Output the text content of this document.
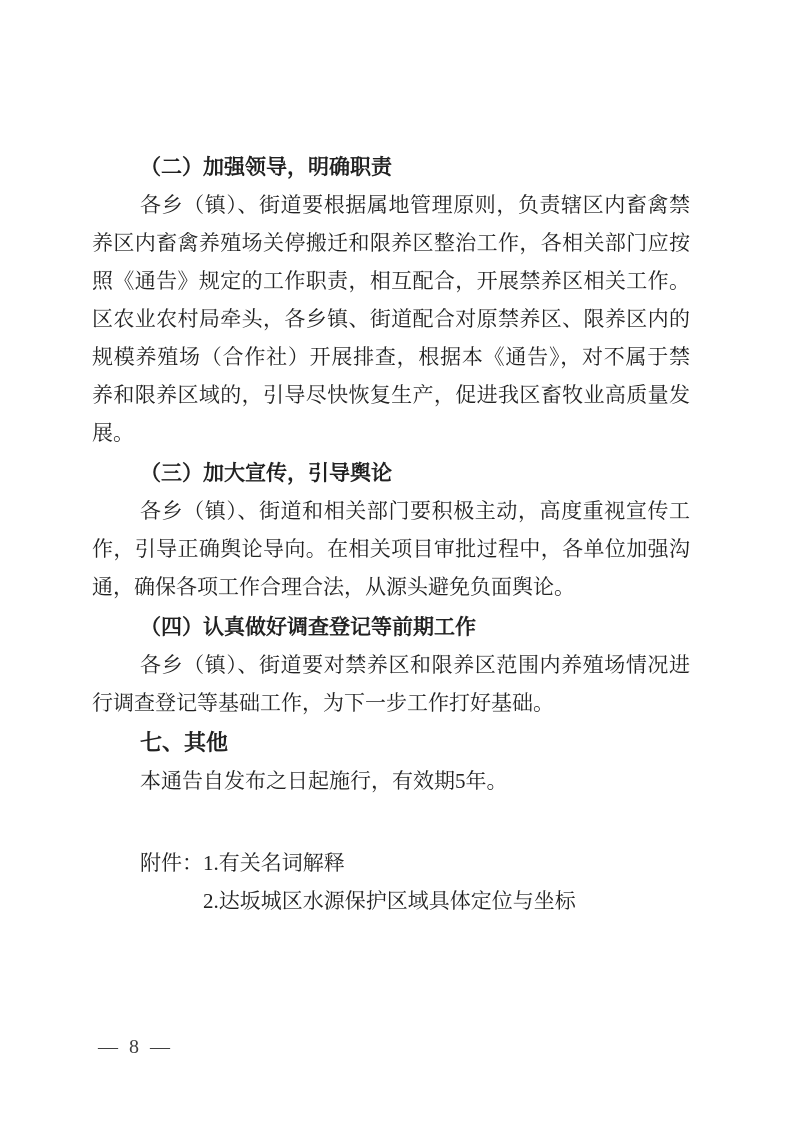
（二）加强领导，明确职责

各乡（镇）、街道要根据属地管理原则，负责辖区内畜禽禁养区内畜禽养殖场关停搬迁和限养区整治工作，各相关部门应按照《通告》规定的工作职责，相互配合，开展禁养区相关工作。区农业农村局牵头，各乡镇、街道配合对原禁养区、限养区内的规模养殖场（合作社）开展排查，根据本《通告》，对不属于禁养和限养区域的，引导尽快恢复生产，促进我区畜牧业高质量发展。

（三）加大宣传，引导舆论

各乡（镇）、街道和相关部门要积极主动，高度重视宣传工作，引导正确舆论导向。在相关项目审批过程中，各单位加强沟通，确保各项工作合理合法，从源头避免负面舆论。

（四）认真做好调查登记等前期工作

各乡（镇）、街道要对禁养区和限养区范围内养殖场情况进行调查登记等基础工作，为下一步工作打好基础。

七、其他

本通告自发布之日起施行，有效期5年。

附件：1.有关名词解释

2.达坂城区水源保护区域具体定位与坐标

— 8 —
